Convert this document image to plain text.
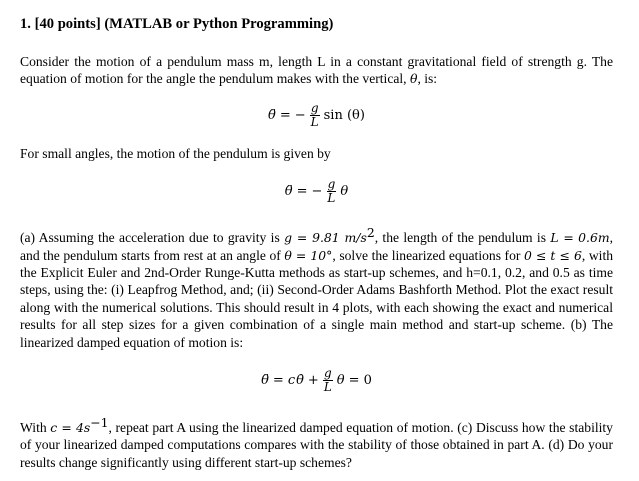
1. [40 points] (MATLAB or Python Programming)

Consider the motion of a pendulum mass m, length L in a constant gravitational field of strength g. The equation of motion for the angle the pendulum makes with the vertical, θ, is:

θ̈ = − $\frac{g}{L}$ sin (θ)

For small angles, the motion of the pendulum is given by

θ̈ = − $\frac{g}{L}$ θ

(a) Assuming the acceleration due to gravity is g = 9.81 $m/s^2$, the length of the pendulum is L = 0.6m, and the pendulum starts from rest at an angle of θ = 10°, solve the linearized equations for 0 ≤ t ≤ 6, with the Explicit Euler and 2nd-Order Runge-Kutta methods as start-up schemes, and h=0.1, 0.2, and 0.5 as time steps, using the: (i) Leapfrog Method, and; (ii) Second-Order Adams Bashforth Method. Plot the exact result along with the numerical solutions. This should result in 4 plots, with each showing the exact and numerical results for all step sizes for a given combination of a single main method and start-up scheme. (b) The linearized damped equation of motion is:

θ̈ = c θ̇ + $\frac{g}{L}$ θ = 0

With $c = 4s^{-1}$, repeat part A using the linearized damped equation of motion. (c) Discuss how the stability of your linearized damped computations compares with the stability of those obtained in part A. (d) Do your results change significantly using different start-up schemes?
